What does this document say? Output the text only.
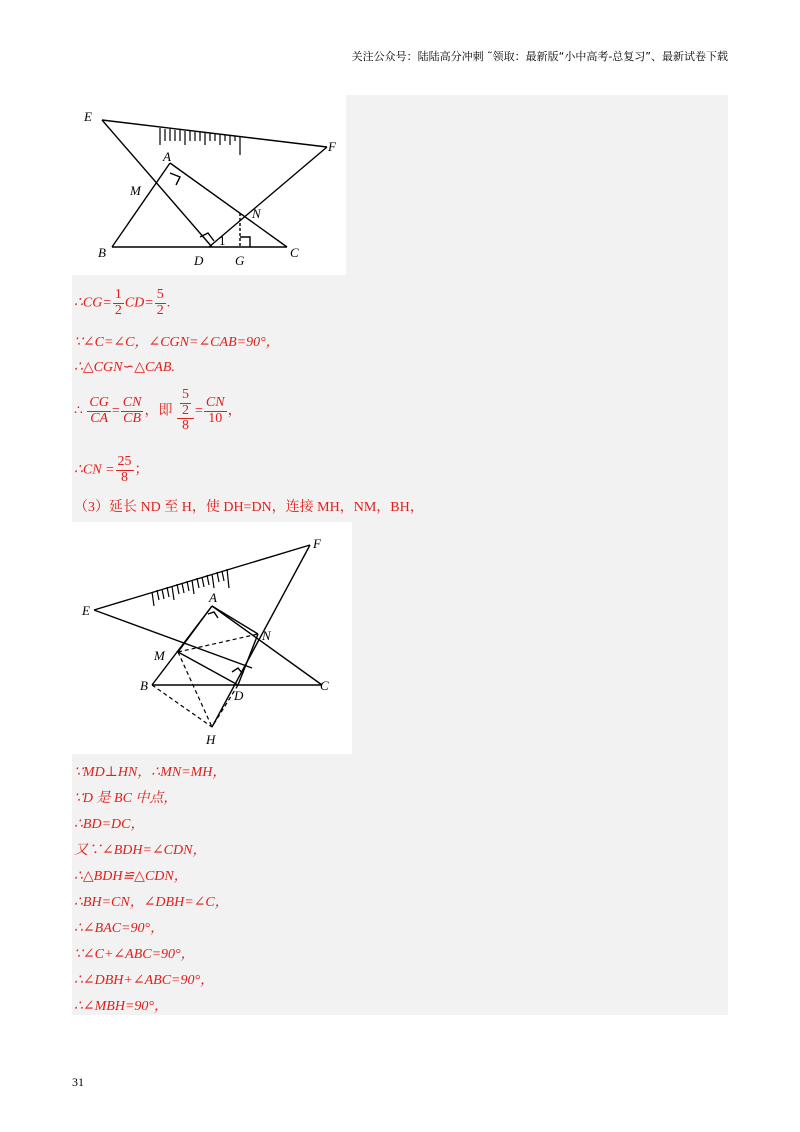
关注公众号：陆陆高分冲刺 ˜领取：最新版“小中高考-总复习”、最新试卷下载
E
F
A
M
N
B
D G
C
1
∴CG= $\frac{1}{2} CD= \frac{5}{2}$ .
∵∠C=∠C，∠CGN=∠CAB=90°，
∴△CGN∽△CAB.
∴ $\frac{CG}{CA} = \frac{CN}{CB}$ ，即 $\frac{\frac{5}{2}}{8} = \frac{CN}{10}$ ，
∴CN = $\frac{25}{8}$ ；
（3）延长 ND 至 H，使 DH=DN，连接 MH，NM，BH，
F
E
A
N
M
B
D
C
H
∵MD⊥HN，∴MN=MH，
∵D 是 BC 中点，
∴BD=DC，
又∵∠BDH=∠CDN，
∴△BDH≌△CDN，
∴BH=CN，∠DBH=∠C，
∴∠BAC=90°，
∵∠C+∠ABC=90°，
∴∠DBH+∠ABC=90°，
∴∠MBH=90°，
31
